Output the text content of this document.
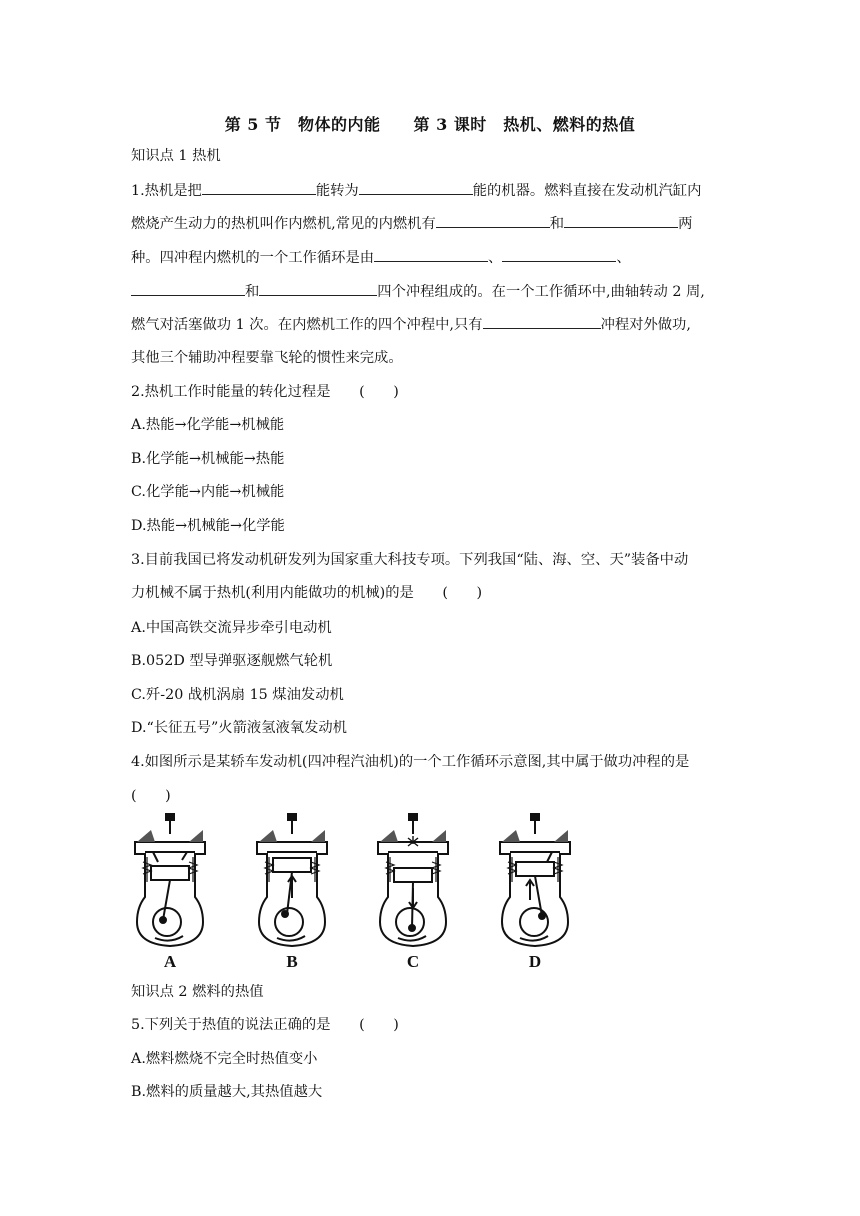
第 5 节　物体的内能　　第 3 课时　热机、燃料的热值
知识点 1 热机
1.热机是把	能转为	能的机器。燃料直接在发动机汽缸内
燃烧产生动力的热机叫作内燃机,常见的内燃机有	和	两
种。四冲程内燃机的一个工作循环是由	、	、
和	四个冲程组成的。在一个工作循环中,曲轴转动 2 周,
燃气对活塞做功 1 次。在内燃机工作的四个冲程中,只有	冲程对外做功,
其他三个辅助冲程要靠飞轮的惯性来完成。
2.热机工作时能量的转化过程是　　(　　)
A.热能→化学能→机械能
B.化学能→机械能→热能
C.化学能→内能→机械能
D.热能→机械能→化学能
3.目前我国已将发动机研发列为国家重大科技专项。下列我国“陆、海、空、天”装备中动
力机械不属于热机(利用内能做功的机械)的是　　(　　)
A.中国高铁交流异步牵引电动机
B.052D 型导弹驱逐舰燃气轮机
C.歼-20 战机涡扇 15 煤油发动机
D.“长征五号”火箭液氢液氧发动机
4.如图所示是某轿车发动机(四冲程汽油机)的一个工作循环示意图,其中属于做功冲程的是
(　　)
A	B	C	D
知识点 2 燃料的热值
5.下列关于热值的说法正确的是　　(　　)
A.燃料燃烧不完全时热值变小
B.燃料的质量越大,其热值越大
